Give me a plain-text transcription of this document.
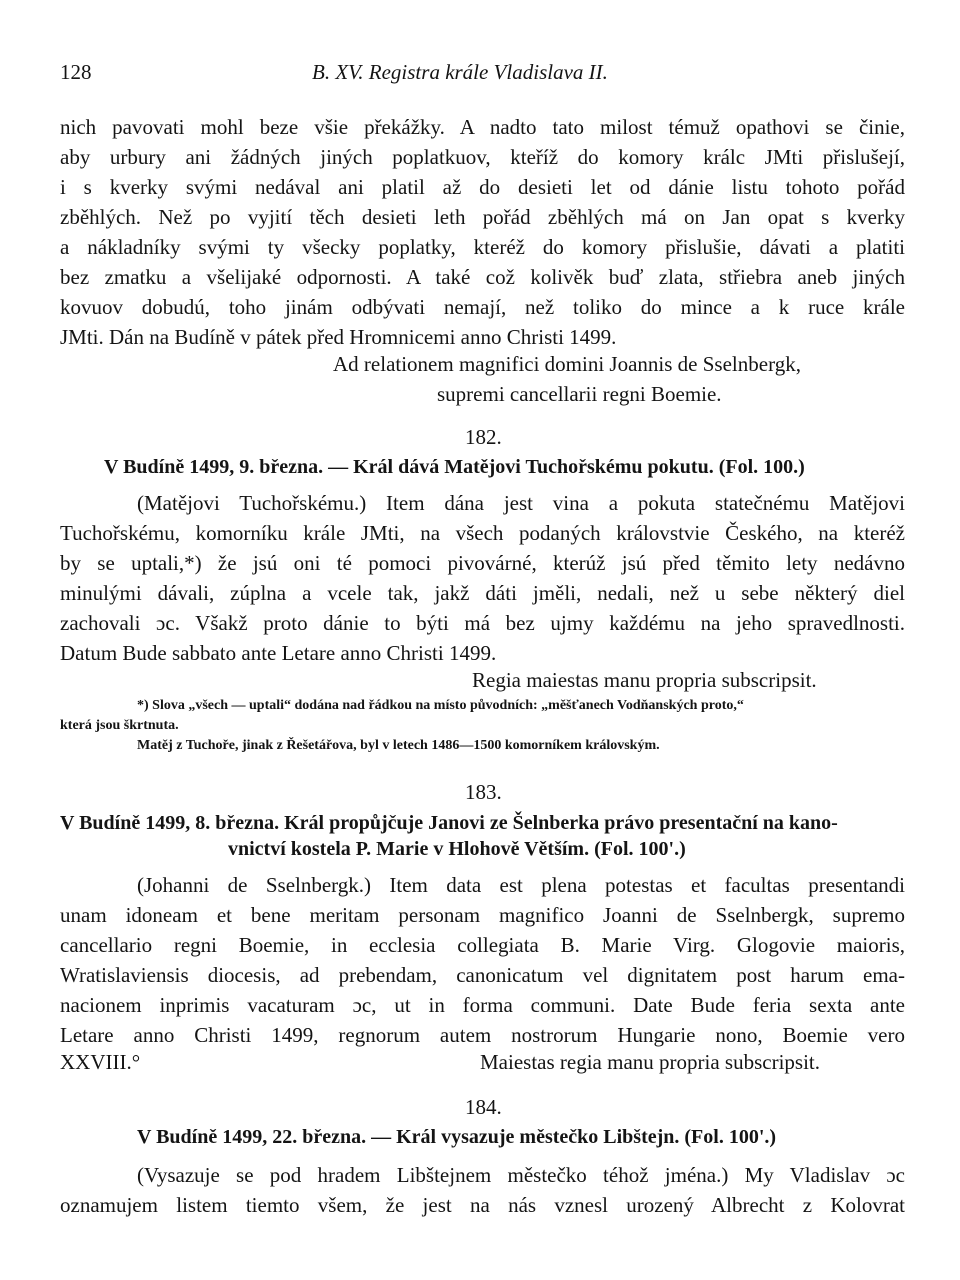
128	B. XV. Registra krále Vladislava II.
nich pavovati mohl beze všie překážky. A nadto tato milost témuž opathovi se činie,
aby urbury ani žádných jiných poplatkuov, kteříž do komory králc JMti přislušejí,
i s kverky svými nedával ani platil až do desieti let od dánie listu tohoto pořád
zběhlých. Než po vyjití těch desieti leth pořád zběhlých má on Jan opat s kverky
a nákladníky svými ty všecky poplatky, kteréž do komory přislušie, dávati a platiti
bez zmatku a všelijaké odpornosti. A také což kolivěk buď zlata, střiebra aneb jiných
kovuov dobudú, toho jinám odbývati nemají, než toliko do mince a k ruce krále
JMti. Dán na Budíně v pátek před Hromnicemi anno Christi 1499.
Ad relationem magnifici domini Joannis de Sselnbergk,
supremi cancellarii regni Boemie.
182.
V Budíně 1499, 9. března. — Král dává Matějovi Tuchořskému pokutu. (Fol. 100.)
(Matějovi Tuchořskému.) Item dána jest vina a pokuta statečnému Matějovi
Tuchořskému, komorníku krále JMti, na všech podaných královstvie Českého, na kteréž
by se uptali,*) že jsú oni té pomoci pivovárné, kterúž jsú před těmito lety nedávno
minulými dávali, zúplna a vcele tak, jakž dáti jměli, nedali, než u sebe některý diel
zachovali ɔc. Všakž proto dánie to býti má bez ujmy každému na jeho spravedlnosti.
Datum Bude sabbato ante Letare anno Christi 1499.
Regia maiestas manu propria subscripsit.
*) Slova „všech — uptali“ dodána nad řádkou na místo původních: „měšťanech Vodňanských proto,“
která jsou škrtnuta.
Matěj z Tuchoře, jinak z Řešetářova, byl v letech 1486—1500 komorníkem královským.
183.
V Budíně 1499, 8. března. Král propůjčuje Janovi ze Šelnberka právo presentační na kano-
vnictví kostela P. Marie v Hlohově Větším. (Fol. 100'.)
(Johanni de Sselnbergk.) Item data est plena potestas et facultas presentandi
unam idoneam et bene meritam personam magnifico Joanni de Sselnbergk, supremo
cancellario regni Boemie, in ecclesia collegiata B. Marie Virg. Glogovie maioris,
Wratislaviensis diocesis, ad prebendam, canonicatum vel dignitatem post harum ema-
nacionem inprimis vacaturam ɔc, ut in forma communi. Date Bude feria sexta ante
Letare anno Christi 1499, regnorum autem nostrorum Hungarie nono, Boemie vero
XXVIII.°	Maiestas regia manu propria subscripsit.
184.
V Budíně 1499, 22. března. — Král vysazuje městečko Libštejn. (Fol. 100'.)
(Vysazuje se pod hradem Libštejnem městečko téhož jména.) My Vladislav ɔc
oznamujem listem tiemto všem, že jest na nás vznesl urozený Albrecht z Kolovrat
